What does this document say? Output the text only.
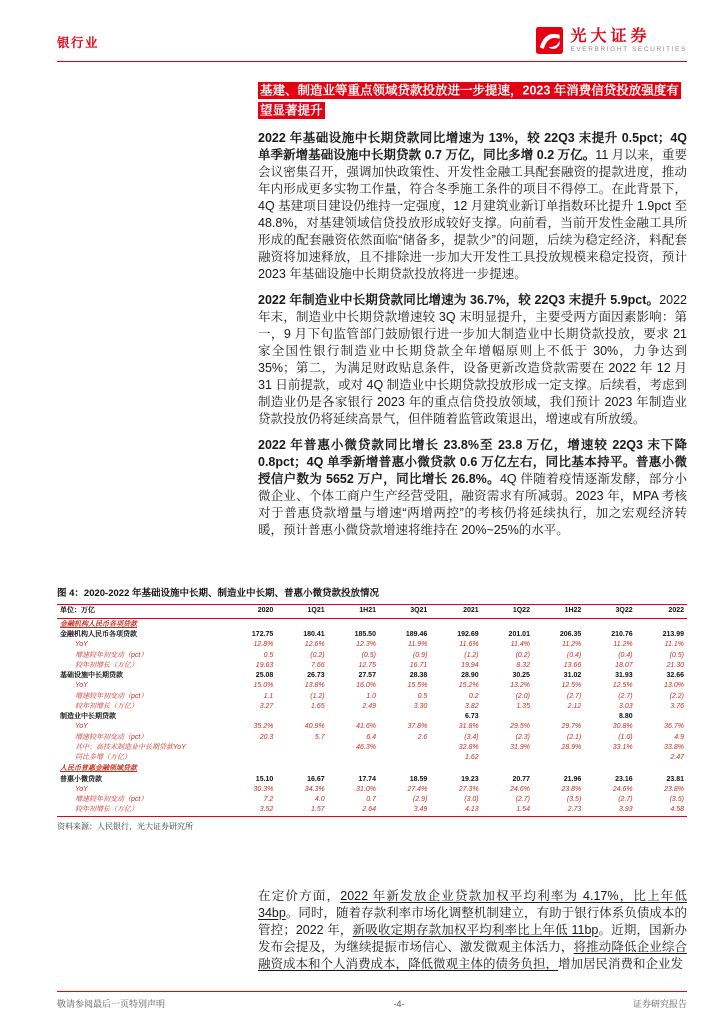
银行业	光大证券
EVERBRIGHT SECURITIES

基建、制造业等重点领域贷款投放进一步提速，2023 年消费信贷投放强度有望显著提升

2022 年基础设施中长期贷款同比增速为 13%，较 22Q3 末提升 0.5pct；4Q 单季新增基础设施中长期贷款 0.7 万亿，同比多增 0.2 万亿。11 月以来，重要会议密集召开，强调加快政策性、开发性金融工具配套融资的提款进度，推动年内形成更多实物工作量，符合冬季施工条件的项目不得停工。在此背景下，4Q 基建项目建设仍维持一定强度，12 月建筑业新订单指数环比提升 1.9pct 至 48.8%，对基建领域信贷投放形成较好支撑。向前看，当前开发性金融工具所形成的配套融资依然面临“储备多，提款少”的问题，后续为稳定经济，料配套融资将加速释放，且不排除进一步加大开发性工具投放规模来稳定投资，预计 2023 年基础设施中长期贷款投放将进一步提速。
2022 年制造业中长期贷款同比增速为 36.7%，较 22Q3 末提升 5.9pct。2022 年末，制造业中长期贷款增速较 3Q 末明显提升，主要受两方面因素影响：第一，9 月下旬监管部门鼓励银行进一步加大制造业中长期贷款投放，要求 21 家全国性银行制造业中长期贷款全年增幅原则上不低于 30%，力争达到 35%；第二，为满足财政贴息条件，设备更新改造贷款需要在 2022 年 12 月 31 日前提款，或对 4Q 制造业中长期贷款投放形成一定支撑。后续看，考虑到制造业仍是各家银行 2023 年的重点信贷投放领域，我们预计 2023 年制造业贷款投放仍将延续高景气，但伴随着监管政策退出，增速或有所放缓。
2022 年普惠小微贷款同比增长 23.8%至 23.8 万亿，增速较 22Q3 末下降 0.8pct；4Q 单季新增普惠小微贷款 0.6 万亿左右，同比基本持平。普惠小微授信户数为 5652 万户，同比增长 26.8%。4Q 伴随着疫情逐渐发酵，部分小微企业、个体工商户生产经营受阻，融资需求有所减弱。2023 年，MPA 考核对于普惠贷款增量与增速“两增两控”的考核仍将延续执行，加之宏观经济转暖，预计普惠小微贷款增速将维持在 20%~25%的水平。
图 4：2020-2022 年基础设施中长期、制造业中长期、普惠小微贷款投放情况
单位：万亿	2020	1Q21	1H21	3Q21	2021	1Q22	1H22	3Q22	2022
金融机构人民币各项贷款									
金融机构人民币各项贷款	172.75	180.41	185.50	189.46	192.69	201.01	206.35	210.76	213.99
YoY	12.8%	12.6%	12.3%	11.9%	11.6%	11.4%	11.2%	11.2%	11.1%
增速较年初变动（pct）	0.5	(0.2)	(0.5)	(0.9)	(1.2)	(0.2)	(0.4)	(0.4)	(0.5)
较年初增长（万亿）	19.63	7.66	12.75	16.71	19.94	8.32	13.66	18.07	21.30
基础设施中长期贷款	25.08	26.73	27.57	28.38	28.90	30.25	31.02	31.93	32.66
YoY	15.0%	13.8%	16.0%	15.5%	15.2%	13.2%	12.5%	12.5%	13.0%
增速较年初变动（pct）	1.1	(1.2)	1.0	0.5	0.2	(2.0)	(2.7)	(2.7)	(2.2)
较年初增长（万亿）	3.27	1.65	2.49	3.30	3.82	1.35	2.12	3.03	3.76
制造业中长期贷款					6.73			8.80	
YoY	35.2%	40.9%	41.6%	37.8%	31.8%	29.5%	29.7%	30.8%	36.7%
增速较年初变动（pct）	20.3	5.7	6.4	2.6	(3.4)	(2.3)	(2.1)	(1.0)	4.9
其中：高技术制造业中长期贷款YoY			46.3%		32.8%	31.9%	28.9%	33.1%	33.8%
同比多增（万亿）					1.62				2.47
人民币普惠金融领域贷款									
普惠小微贷款	15.10	16.67	17.74	18.59	19.23	20.77	21.96	23.16	23.81
YoY	30.3%	34.3%	31.0%	27.4%	27.3%	24.6%	23.8%	24.6%	23.8%
增速较年初变动（pct）	7.2	4.0	0.7	(2.9)	(3.0)	(2.7)	(3.5)	(2.7)	(3.5)
较年初增长（万亿）	3.52	1.57	2.64	3.49	4.13	1.54	2.73	3.93	4.58
资料来源：人民银行，光大证券研究所
在定价方面，2022 年新发放企业贷款加权平均利率为 4.17%，比上年低 34bp。同时，随着存款利率市场化调整机制建立，有助于银行体系负债成本的管控；2022 年，新吸收定期存款加权平均利率比上年低 11bp。近期，国新办发布会提及，为继续提振市场信心、激发微观主体活力，将推动降低企业综合融资成本和个人消费成本，降低微观主体的债务负担，增加居民消费和企业发
敬请参阅最后一页特别声明	-4-	证券研究报告
